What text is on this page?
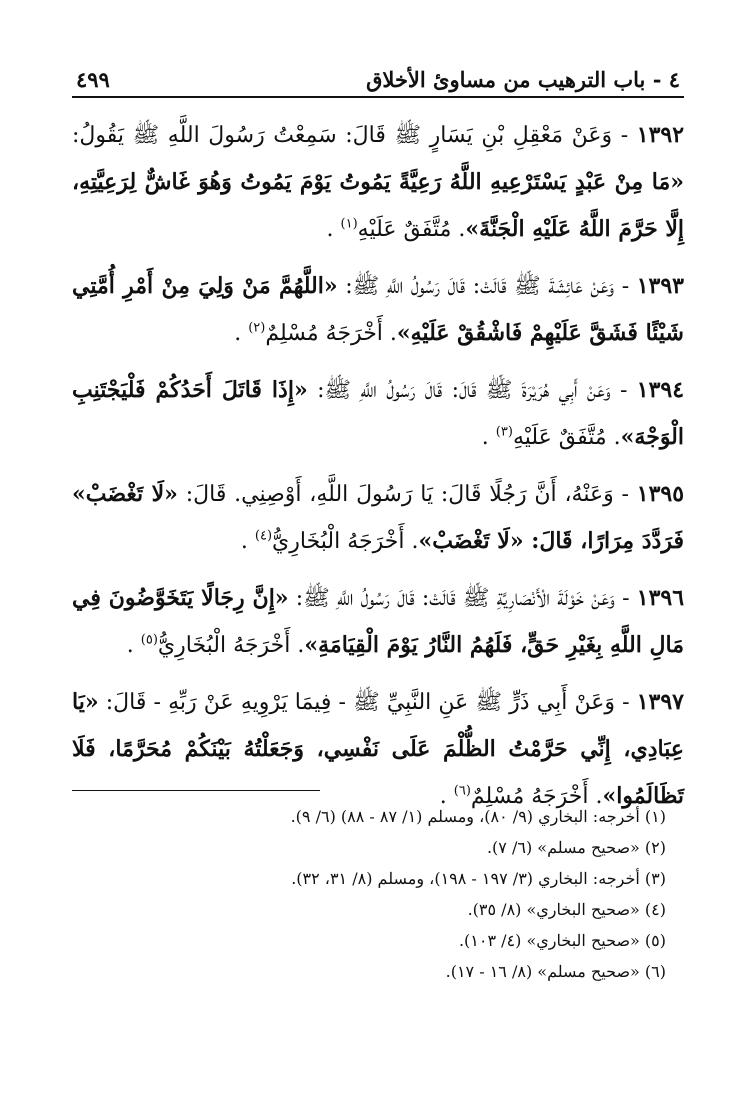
٤ - باب الترهيب من مساوئ الأخلاق
٤٩٩

١٣٩٢ - وَعَنْ مَعْقِلِ بْنِ يَسَارٍ ﷺ قَالَ: سَمِعْتُ رَسُولَ اللَّهِ ﷺ يَقُولُ: «مَا مِنْ عَبْدٍ يَسْتَرْعِيهِ اللَّهُ رَعِيَّةً يَمُوتُ يَوْمَ يَمُوتُ وَهُوَ غَاشٌّ لِرَعِيَّتِهِ، إِلَّا حَرَّمَ اللَّهُ عَلَيْهِ الْجَنَّةَ». مُتَّفَقٌ عَلَيْهِ$^{(١)}$ .

١٣٩٣ - وَعَنْ عَائِشَةَ ﷺ قَالَتْ: قَالَ رَسُولُ اللَّهِ ﷺ: «اللَّهُمَّ مَنْ وَلِيَ مِنْ أَمْرِ أُمَّتِي شَيْئًا فَشَقَّ عَلَيْهِمْ فَاشْقُقْ عَلَيْهِ». أَخْرَجَهُ مُسْلِمٌ$^{(٢)}$ .

١٣٩٤ - وَعَنْ أَبِي هُرَيْرَةَ ﷺ قَالَ: قَالَ رَسُولُ اللَّهِ ﷺ: «إِذَا قَاتَلَ أَحَدُكُمْ فَلْيَجْتَنِبِ الْوَجْهَ». مُتَّفَقٌ عَلَيْهِ$^{(٣)}$ .

١٣٩٥ - وَعَنْهُ، أَنَّ رَجُلًا قَالَ: يَا رَسُولَ اللَّهِ، أَوْصِنِي. قَالَ: «لَا تَغْضَبْ» فَرَدَّدَ مِرَارًا، قَالَ: «لَا تَغْضَبْ». أَخْرَجَهُ الْبُخَارِيُّ$^{(٤)}$ .

١٣٩٦ - وَعَنْ خَوْلَةَ الْأَنْصَارِيَّةِ ﷺ قَالَتْ: قَالَ رَسُولُ اللَّهِ ﷺ: «إِنَّ رِجَالًا يَتَخَوَّضُونَ فِي مَالِ اللَّهِ بِغَيْرِ حَقٍّ، فَلَهُمُ النَّارُ يَوْمَ الْقِيَامَةِ». أَخْرَجَهُ الْبُخَارِيُّ$^{(٥)}$ .

١٣٩٧ - وَعَنْ أَبِي ذَرٍّ ﷺ عَنِ النَّبِيِّ ﷺ - فِيمَا يَرْوِيهِ عَنْ رَبِّهِ - قَالَ: «يَا عِبَادِي، إِنِّي حَرَّمْتُ الظُّلْمَ عَلَى نَفْسِي، وَجَعَلْتُهُ بَيْنَكُمْ مُحَرَّمًا، فَلَا تَظَالَمُوا». أَخْرَجَهُ مُسْلِمٌ$^{(٦)}$ .

(١) أخرجه: البخاري (٩/ ٨٠)، ومسلم (١/ ٨٧ - ٨٨) (٦/ ٩).
(٢) «صحيح مسلم» (٦/ ٧).
(٣) أخرجه: البخاري (٣/ ١٩٧ - ١٩٨)، ومسلم (٨/ ٣١، ٣٢).
(٤) «صحيح البخاري» (٨/ ٣٥).
(٥) «صحيح البخاري» (٤/ ١٠٣).
(٦) «صحيح مسلم» (٨/ ١٦ - ١٧).
